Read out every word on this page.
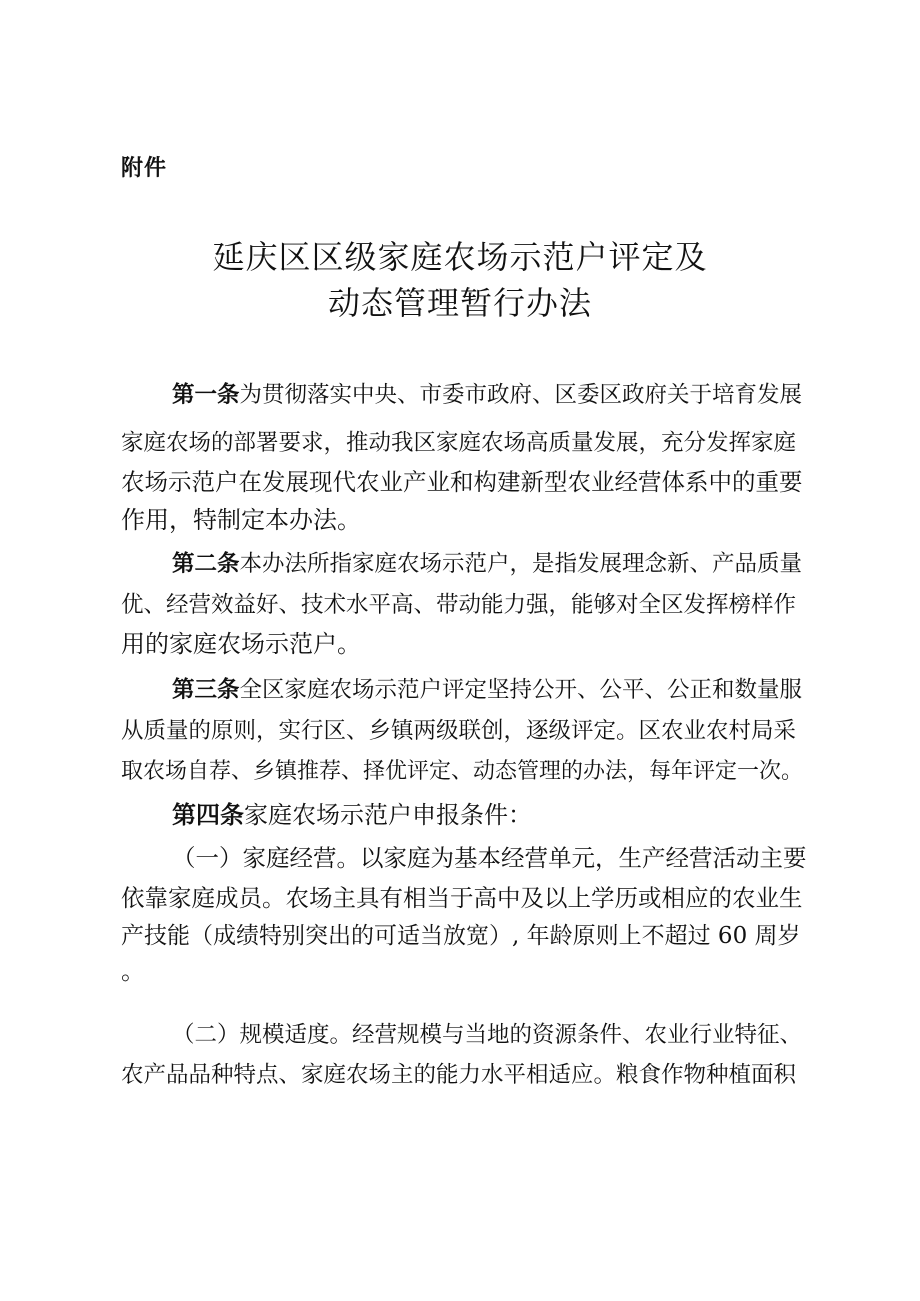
附件
延庆区区级家庭农场示范户评定及
动态管理暂行办法
第一条为贯彻落实中央、市委市政府、区委区政府关于培育发展
家庭农场的部署要求，推动我区家庭农场高质量发展，充分发挥家庭
农场示范户在发展现代农业产业和构建新型农业经营体系中的重要
作用，特制定本办法。
第二条本办法所指家庭农场示范户，是指发展理念新、产品质量
优、经营效益好、技术水平高、带动能力强，能够对全区发挥榜样作
用的家庭农场示范户。
第三条全区家庭农场示范户评定坚持公开、公平、公正和数量服
从质量的原则，实行区、乡镇两级联创，逐级评定。区农业农村局采
取农场自荐、乡镇推荐、择优评定、动态管理的办法，每年评定一次。
第四条家庭农场示范户申报条件：
（一）家庭经营。以家庭为基本经营单元，生产经营活动主要
依靠家庭成员。农场主具有相当于高中及以上学历或相应的农业生
产技能（成绩特别突出的可适当放宽）, 年龄原则上不超过 60 周岁
。
（二）规模适度。经营规模与当地的资源条件、农业行业特征、
农产品品种特点、家庭农场主的能力水平相适应。粮食作物种植面积
